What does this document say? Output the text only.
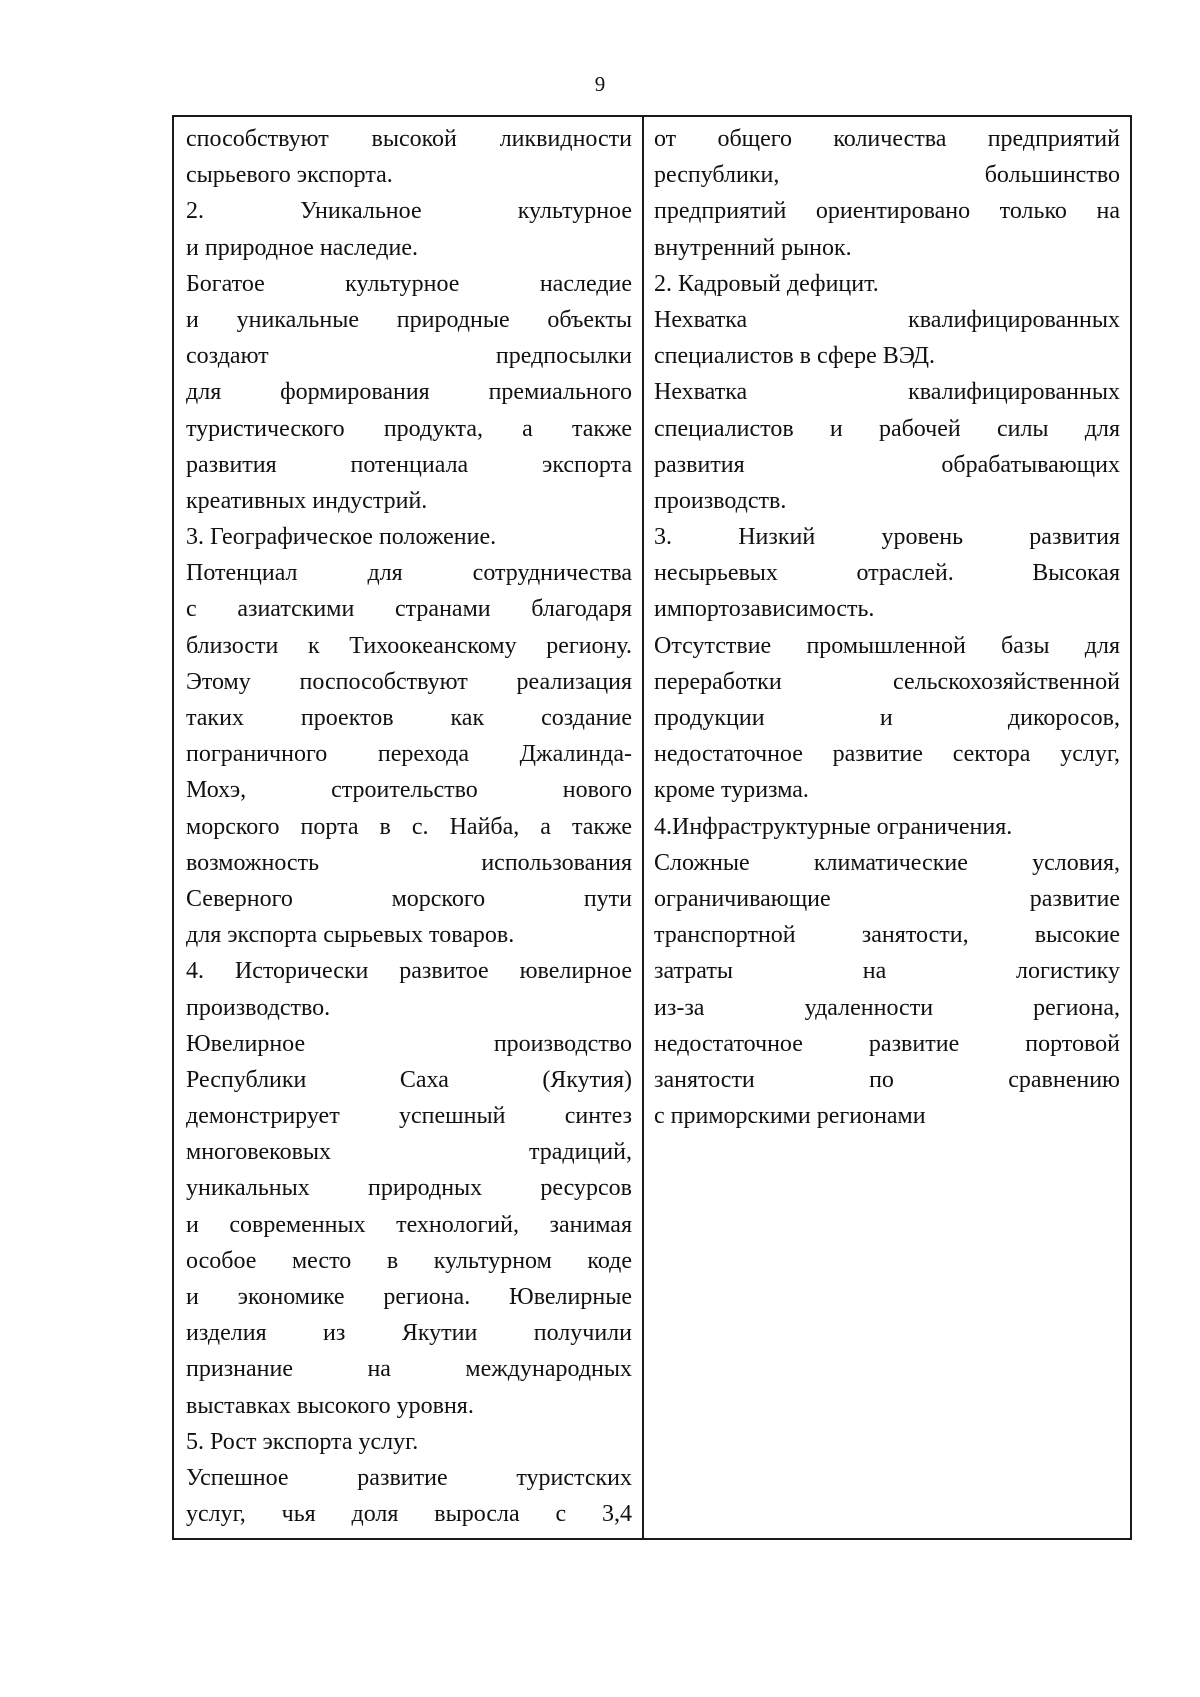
9
способствуют высокой ликвидности
сырьевого экспорта.
2. Уникальное культурное
и природное наследие.
Богатое культурное наследие
и уникальные природные объекты
создают предпосылки
для формирования премиального
туристического продукта, а также
развития потенциала экспорта
креативных индустрий.
3. Географическое положение.
Потенциал для сотрудничества
с азиатскими странами благодаря
близости к Тихоокеанскому региону.
Этому поспособствуют реализация
таких проектов как создание
пограничного перехода Джалинда-
Мохэ, строительство нового
морского порта в с. Найба, а также
возможность использования
Северного морского пути
для экспорта сырьевых товаров.
4. Исторически развитое ювелирное
производство.
Ювелирное производство
Республики Саха (Якутия)
демонстрирует успешный синтез
многовековых традиций,
уникальных природных ресурсов
и современных технологий, занимая
особое место в культурном коде
и экономике региона. Ювелирные
изделия из Якутии получили
признание на международных
выставках высокого уровня.
5. Рост экспорта услуг.
Успешное развитие туристских
услуг, чья доля выросла с 3,4
от общего количества предприятий
республики, большинство
предприятий ориентировано только на
внутренний рынок.
2. Кадровый дефицит.
Нехватка квалифицированных
специалистов в сфере ВЭД.
Нехватка квалифицированных
специалистов и рабочей силы для
развития обрабатывающих
производств.
3. Низкий уровень развития
несырьевых отраслей. Высокая
импортозависимость.
Отсутствие промышленной базы для
переработки сельскохозяйственной
продукции и дикоросов,
недостаточное развитие сектора услуг,
кроме туризма.
4.Инфраструктурные ограничения.
Сложные климатические условия,
ограничивающие развитие
транспортной занятости, высокие
затраты на логистику
из-за удаленности региона,
недостаточное развитие портовой
занятости по сравнению
с приморскими регионами
